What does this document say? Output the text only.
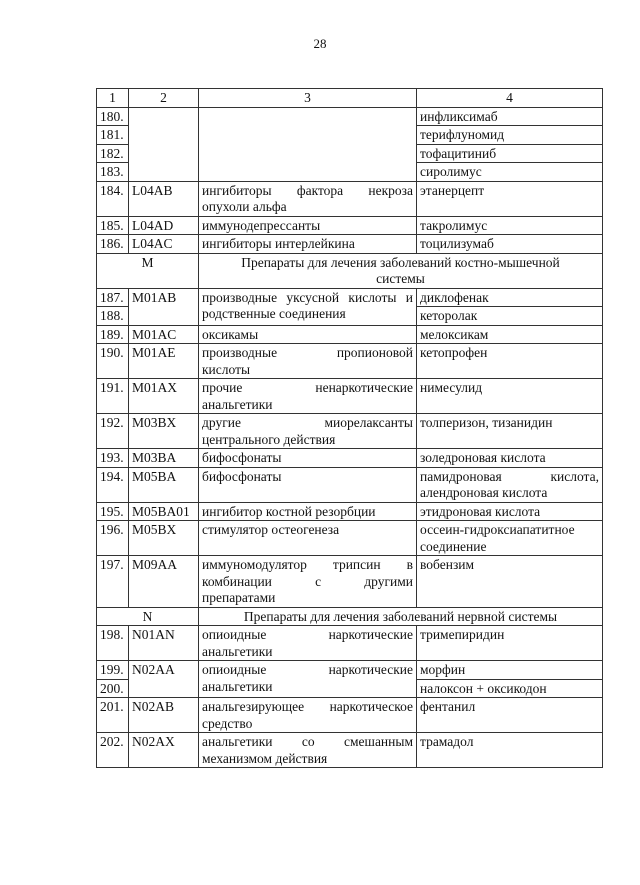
28
1	2	3	4
180.			инфликсимаб
181.			терифлуномид
182.			тофацитиниб
183.			сиролимус
184.	L04AB	ингибиторы фактора некроза
опухоли альфа	этанерцепт
185.	L04AD	иммунодепрессанты	такролимус
186.	L04AC	ингибиторы интерлейкина	тоцилизумаб
M		Препараты для лечения заболеваний костно-мышечной
системы	

187.	M01AB	производные уксусной кислоты и
родственные соединения	диклофенак
188.			кеторолак
189.	M01AC	оксикамы	мелоксикам
190.	M01AE	производные пропионовой
кислоты	кетопрофен
191.	M01AX	прочие ненаркотические
анальгетики	нимесулид
192.	M03BX	другие миорелаксанты
центрального действия	толперизон, тизанидин
193.	M03BA	бифосфонаты	золедроновая кислота
194.	M05BA	бифосфонаты	памидроновая кислота,
алендроновая кислота

195.	M05BA01	ингибитор костной резорбции	этидроновая кислота
196.	M05BX	стимулятор остеогенеза	оссеин-гидроксиапатитное
соединение

197.	M09AA	иммуномодулятор трипсин в
комбинации с другими
препаратами	вобензим
N		Препараты для лечения заболеваний нервной системы	
198.	N01AN	опиоидные наркотические
анальгетики	тримепиридин
199.	N02AA	опиоидные наркотические
анальгетики	морфин
200.			налоксон + оксикодон
201.	N02AB	анальгезирующее наркотическое
средство	фентанил
202.	N02AX	анальгетики со смешанным
механизмом действия	трамадол
